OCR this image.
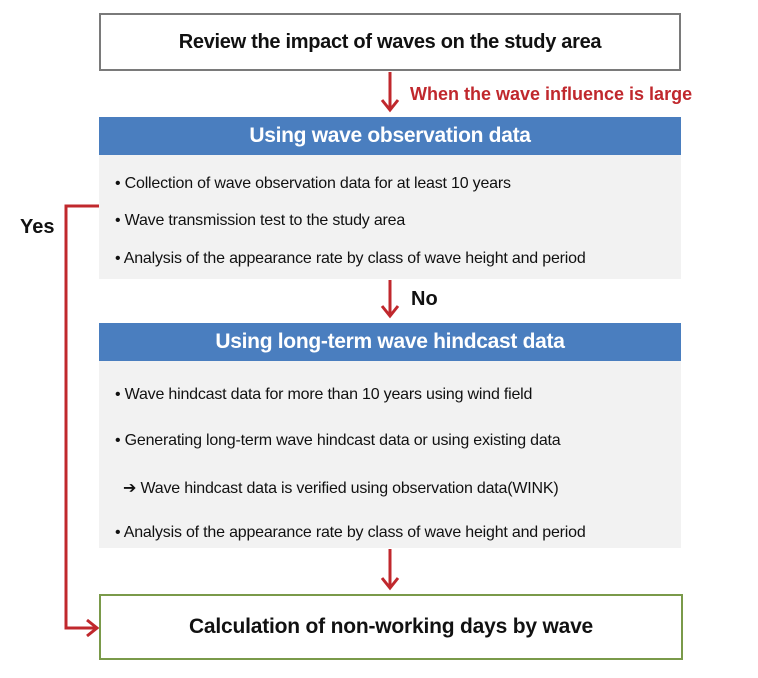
Review the impact of waves on the study area
When the wave influence is large
Using wave observation data
• Collection of wave observation data for at least 10 years
• Wave transmission test to the study area
• Analysis of the appearance rate by class of wave height and period
No
Yes
Using long-term wave hindcast data
• Wave hindcast data for more than 10 years using wind field
• Generating long-term wave hindcast data or using existing data
➔ Wave hindcast data is verified using observation data(WINK)
• Analysis of the appearance rate by class of wave height and period
Calculation of non-working days by wave
